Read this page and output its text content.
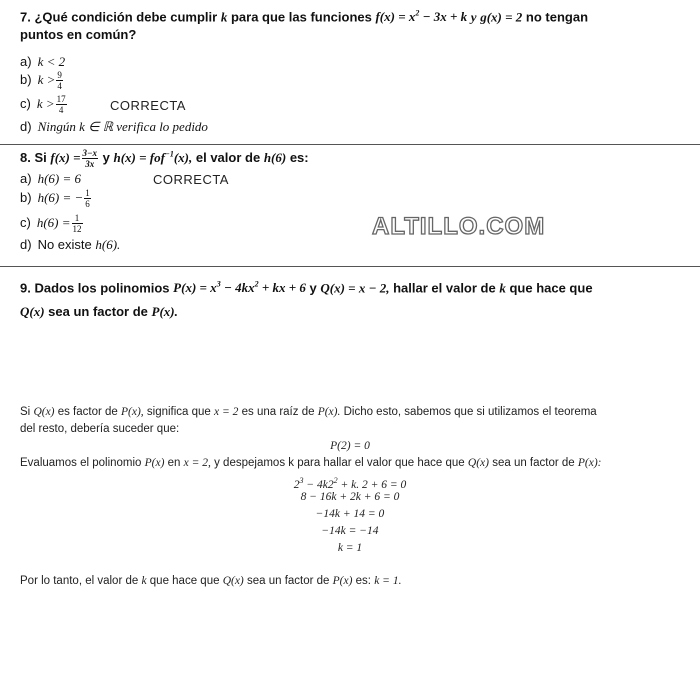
7. ¿Qué condición debe cumplir k para que las funciones $f(x) = x^2 - 3x + k$ y g(x) = 2 no tengan
puntos en común?
a) k < 2
b) $k > \frac{9}{4}$
c) $k > \frac{17}{4}$	CORRECTA
d) Ningún k ∈ ℝ verifica lo pedido
8. Si $f(x) = \frac{3-x}{3x}$ y h(x) = fof$^{-1}$(x), el valor de h(6) es:
a) h(6) = 6	CORRECTA
b) h(6) = − $\frac{1}{6}$
c) $h(6) = \frac{1}{12}$
d) No existe h(6).
ALTILLO.COM
9. Dados los polinomios $P(x) = x^3 - 4kx^2$ + kx + 6 y Q(x) = x − 2, hallar el valor de k que hace que
Q(x) sea un factor de P(x).
Si Q(x) es factor de P(x), significa que x = 2 es una raíz de P(x). Dicho esto, sabemos que si utilizamos el teorema
del resto, debería suceder que:
P(2) = 0
Evaluamos el polinomio P(x) en x = 2, y despejamos k para hallar el valor que hace que Q(x) sea un factor de P(x):
$2^3 - 4k2^2 + k$. 2 + 6 = 0
8 − 16k + 2k + 6 = 0
−14k + 14 = 0
−14k = −14
k = 1
Por lo tanto, el valor de k que hace que Q(x) sea un factor de P(x) es: k = 1.
